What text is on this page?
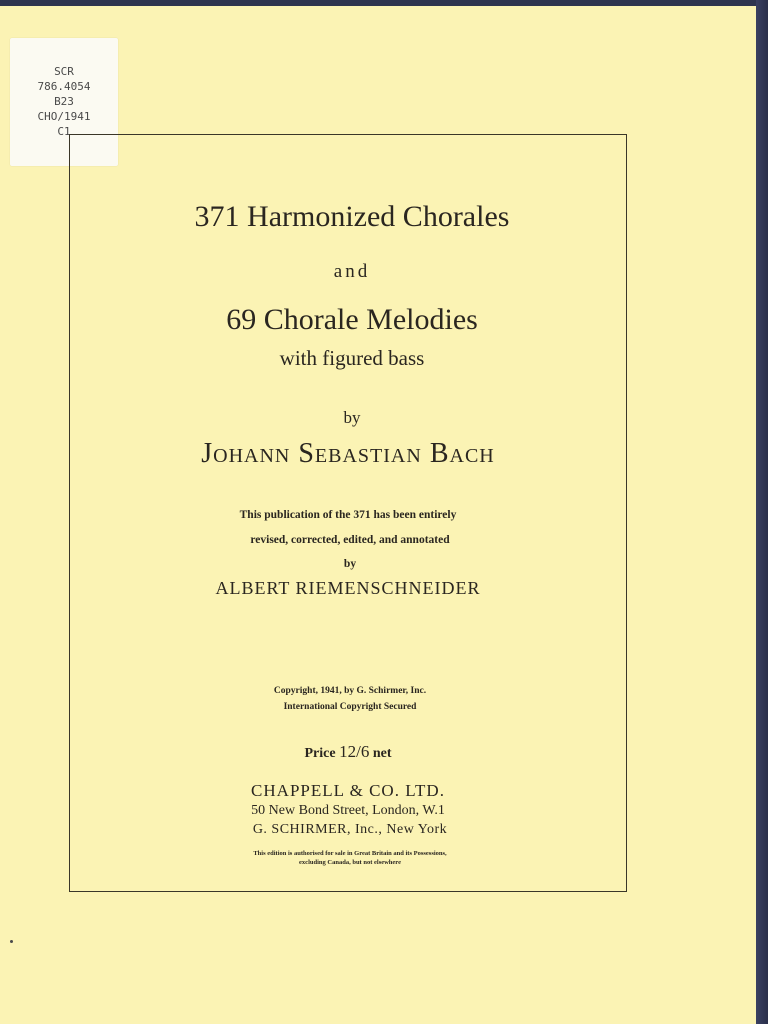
SCR
786.4054
B23
CHO/1941
C1
371 Harmonized Chorales
and
69 Chorale Melodies
with figured bass
by
Johann Sebastian Bach
This publication of the 371 has been entirely
revised, corrected, edited, and annotated
by
ALBERT RIEMENSCHNEIDER
Copyright, 1941, by G. Schirmer, Inc.
International Copyright Secured
Price 12/6 net
CHAPPELL & CO. LTD.
50 New Bond Street, London, W.1
G. SCHIRMER, Inc., New York
This edition is authorised for sale in Great Britain and its Possessions,
excluding Canada, but not elsewhere
